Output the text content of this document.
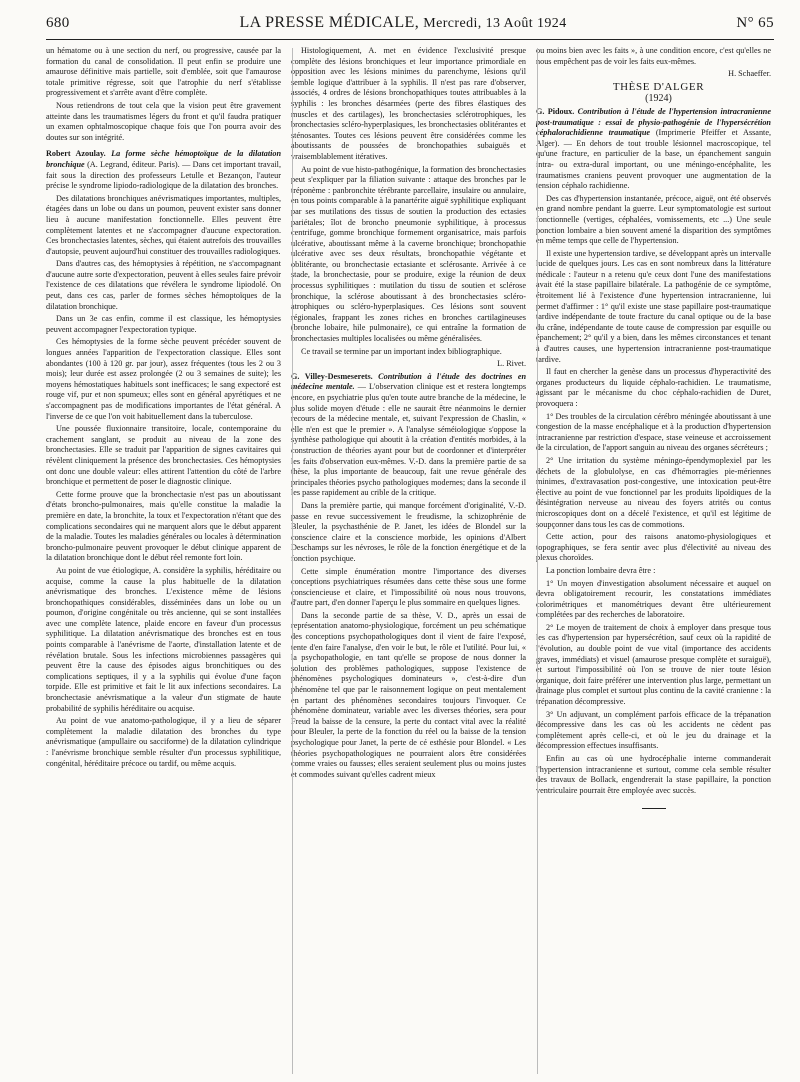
680	LA PRESSE MÉDICALE, Mercredi, 13 Août 1924	N° 65

un hématome ou à une section du nerf, ou progressive, causée par la formation du canal de consolidation. Il peut enfin se produire une amaurose définitive mais partielle, soit d'emblée, soit que l'amaurose totale primitive régresse, soit que l'atrophie du nerf s'établisse progressivement et s'arrête avant d'être complète.

Nous retiendrons de tout cela que la vision peut être gravement atteinte dans les traumatismes légers du front et qu'il faudra pratiquer un examen ophtalmoscopique chaque fois que l'on pourra avoir des doutes sur son intégrité.

Robert Azoulay. La forme sèche hémoptoïque de la dilatation bronchique (A. Legrand, éditeur. Paris). — Dans cet important travail, fait sous la direction des professeurs Letulle et Bezançon, l'auteur précise le syndrome lipiodo-radiologique de la dilatation des bronches.

Des dilatations bronchiques anévrismatiques importantes, multiples, étagées dans un lobe ou dans un poumon, peuvent exister sans donner lieu à aucune manifestation fonctionnelle. Elles peuvent être complètement latentes et ne s'accompagner d'aucune expectoration. Ces bronchectasies latentes, sèches, qui étaient autrefois des trouvailles d'autopsie, peuvent aujourd'hui constituer des trouvailles radiologiques.

Dans d'autres cas, des hémoptysies à répétition, ne s'accompagnant d'aucune autre sorte d'expectoration, peuvent à elles seules faire prévoir l'existence de ces dilatations que révélera le syndrome lipiodolé. On peut, dans ces cas, parler de formes sèches hémoptoïques de la dilatation bronchique.

Dans un 3e cas enfin, comme il est classique, les hémoptysies peuvent accompagner l'expectoration typique.

Ces hémoptysies de la forme sèche peuvent précéder souvent de longues années l'apparition de l'expectoration classique. Elles sont abondantes (100 à 120 gr. par jour), assez fréquentes (tous les 2 ou 3 mois); leur durée est assez prolongée (2 ou 3 semaines de suite); les moyens hémostatiques habituels sont inefficaces; le sang expectoré est rouge vif, pur et non spumeux; elles sont en général apyrétiques et ne s'accompagnent pas de modifications importantes de l'état général. A l'inverse de ce que l'on voit habituellement dans la tuberculose.

Une poussée fluxionnaire transitoire, locale, contemporaine du crachement sanglant, se produit au niveau de la zone des bronchectasies. Elle se traduit par l'apparition de signes cavitaires qui révèlent cliniquement la présence des bronchectasies. Ces hémoptysies ont donc une double valeur: elles attirent l'attention du côté de l'arbre bronchique et permettent de poser le diagnostic clinique.

Cette forme prouve que la bronchectasie n'est pas un aboutissant d'états broncho-pulmonaires, mais qu'elle constitue la maladie la première en date, la bronchite, la toux et l'expectoration n'étant que des complications secondaires qui ne marquent alors que le début apparent de la maladie. Toutes les maladies générales ou locales à détermination broncho-pulmonaire peuvent provoquer le début clinique apparent de la dilatation bronchique dont le début réel remonte fort loin.

Au point de vue étiologique, A. considère la syphilis, héréditaire ou acquise, comme la cause la plus habituelle de la dilatation anévrismatique des bronches. L'existence même de lésions bronchopathiques considérables, disséminées dans un lobe ou un poumon, d'origine congénitale ou très ancienne, qui se sont installées avec une complète latence, plaide encore en faveur d'un processus syphilitique. La dilatation anévrismatique des bronches est en tous points comparable à l'anévrisme de l'aorte, d'installation latente et de révélation brutale. Sous les infections microbiennes passagères qui peuvent être la cause des épisodes aigus bronchitiques ou des complications septiques, il y a la syphilis qui évolue d'une façon torpide. Elle est primitive et fait le lit aux infections secondaires. La bronchectasie anévrismatique a la valeur d'un stigmate de haute probabilité de syphilis héréditaire ou acquise.

Au point de vue anatomo-pathologique, il y a lieu de séparer complètement la maladie dilatation des bronches du type anévrismatique (ampullaire ou sacciforme) de la dilatation cylindrique : l'anévrisme bronchique semble résulter d'un processus syphilitique, congénital, héréditaire précoce ou tardif, ou même acquis.

Histologiquement, A. met en évidence l'exclusivité presque complète des lésions bronchiques et leur importance primordiale en opposition avec les lésions minimes du parenchyme, lésions qu'il semble logique d'attribuer à la syphilis. Il n'est pas rare d'observer, associés, 4 ordres de lésions bronchopathiques toutes attribuables à la syphilis : les bronches désarmées (perte des fibres élastiques des muscles et des cartilages), les bronchectasies sclérotrophiques, les bronchectasies scléro-hyperplasiques, les bronchectasies oblitérantes et sténosantes. Toutes ces lésions peuvent être considérées comme les aboutissants de poussées de bronchopathies subaiguës et vraisemblablement itératives.

Au point de vue histo-pathogénique, la formation des bronchectasies peut s'expliquer par la filiation suivante : attaque des bronches par le tréponème : panbronchite térébrante parcellaire, insulaire ou annulaire, en tous points comparable à la panartérite aiguë syphilitique expliquant par ses mutilations des tissus de soutien la production des ectasies pariétales; îlot de broncho pneumonie syphilitique, à processus centrifuge, gomme bronchique formement organisatrice, mais parfois ulcérative, aboutissant même à la caverne bronchique; bronchopathie ulcérative avec ses deux résultats, bronchopathie végétante et oblitérante, ou bronchectasie ectasiante et sclérosante. Arrivée à ce stade, la bronchectasie, pour se produire, exige la réunion de deux processus syphilitiques : mutilation du tissu de soutien et sclérose bronchique, la sclérose aboutissant à des bronchectasies scléro-atrophiques ou scléro-hyperplasiques. Ces lésions sont souvent régionales, frappant les zones riches en bronches cartilagineuses (bronche lobaire, hile pulmonaire), ce qui entraîne la formation de bronchectasies multiples localisées ou même généralisées.

Ce travail se termine par un important index bibliographique.

L. Rivet.

G. Villey-Desmeserets. Contribution à l'étude des doctrines en médecine mentale. — L'observation clinique est et restera longtemps encore, en psychiatrie plus qu'en toute autre branche de la médecine, le plus solide moyen d'étude : elle ne saurait être néanmoins le dernier recours de la médecine mentale, et, suivant l'expression de Chaslin, « elle n'en est que le premier ». A l'analyse séméiologique s'oppose la synthèse pathologique qui aboutit à la création d'entités morbides, à la construction de théories ayant pour but de coordonner et d'interpréter les faits d'observation eux-mêmes. V.-D. dans la première partie de sa thèse, la plus importante de beaucoup, fait une revue générale des principales théories psycho pathologiques modernes; dans la seconde il les passe rapidement au crible de la critique.

Dans la première partie, qui manque forcément d'originalité, V.-D. passe en revue successivement le freudisme, la schizophrénie de Bleuler, la psychasthénie de P. Janet, les idées de Blondel sur la conscience claire et la conscience morbide, les opinions d'Albert Deschamps sur les névroses, le rôle de la fonction énergétique et de la fonction psychique.

Cette simple énumération montre l'importance des diverses conceptions psychiatriques résumées dans cette thèse sous une forme consciencieuse et claire, et l'impossibilité où nous nous trouvons, d'autre part, d'en donner l'aperçu le plus sommaire en quelques lignes.

Dans la seconde partie de sa thèse, V. D., après un essai de représentation anatomo-physiologique, forcément un peu schématique des conceptions psychopathologiques dont il vient de faire l'exposé, tente d'en faire l'analyse, d'en voir le but, le rôle et l'utilité. Pour lui, « la psychopathologie, en tant qu'elle se propose de nous donner la solution des problèmes pathologiques, suppose l'existence de phénomènes psychologiques dominateurs », c'est-à-dire d'un phénomène tel que par le raisonnement logique on peut mentalement en partant des phénomènes secondaires toujours l'invoquer. Ce phénomène dominateur, variable avec les diverses théories, sera pour Freud la baisse de la censure, la perte du contact vital avec la réalité pour Bleuler, la perte de la fonction du réel ou la baisse de la tension psychologique pour Janet, la perte de cé esthésie pour Blondel. « Les théories psychopathologiques ne pourraient alors être considérées comme vraies ou fausses; elles seraient seulement plus ou moins justes et commodes suivant qu'elles cadrent mieux

ou moins bien avec les faits », à une condition encore, c'est qu'elles ne nous empêchent pas de voir les faits eux-mêmes.

H. Schaeffer.

THÈSE D'ALGER

(1924)

G. Pidoux. Contribution à l'étude de l'hypertension intracranienne post-traumatique : essai de physio-pathogénie de l'hypersécrétion céphalorachidienne traumatique (Imprimerie Pfeiffer et Assante, Alger). — En dehors de tout trouble lésionnel macroscopique, tel qu'une fracture, en particulier de la base, un épanchement sanguin intra- ou extra-dural important, ou une méningo-encéphalite, les traumatismes craniens peuvent provoquer une augmentation de la tension céphalo rachidienne.

Des cas d'hypertension instantanée, précoce, aiguë, ont été observés en grand nombre pendant la guerre. Leur symptomatologie est surtout fonctionnelle (vertiges, céphalées, vomissements, etc ...) Une seule ponction lombaire a bien souvent amené la disparition des symptômes en même temps que celle de l'hypertension.

Il existe une hypertension tardive, se développant après un intervalle lucide de quelques jours. Les cas en sont nombreux dans la littérature médicale : l'auteur n a retenu qu'e ceux dont l'une des manifestations avait été la stase papillaire bilatérale. La pathogénie de ce symptôme, étroitement lié à l'existence d'une hypertension intracranienne, lui permet d'affirmer : 1° qu'il existe une stase papillaire post-traumatique tardive indépendante de toute fracture du canal optique ou de la base du crâne, indépendante de toute cause de compression par esquille ou épanchement; 2° qu'il y a bien, dans les mêmes circonstances et tenant à d'autres causes, une hypertension intracranienne post-traumatique tardive.

Il faut en chercher la genèse dans un processus d'hyperactivité des organes producteurs du liquide céphalo-rachidien. Le traumatisme, agissant par le mécanisme du choc céphalo-rachidien de Duret, provoquera :

1° Des troubles de la circulation cérébro méningée aboutissant à une congestion de la masse encéphalique et à la production d'hypertension intracranienne par restriction d'espace, stase veineuse et accroissement de la circulation, de l'apport sanguin au niveau des organes sécréteurs ;

2° Une irritation du système méningo-épendymoplexiel par les déchets de la globulolyse, en cas d'hémorragies pie-mériennes minimes, d'extravasation post-congestive, une intoxication peut-être élective au point de vue fonctionnel par les produits lipoïdiques de la désintégration nerveuse au niveau des foyers atrités ou contus microscopiques dont on a décelé l'existence, et qu'il est légitime de soupçonner dans tous les cas de commotions.

Cette action, pour des raisons anatomo-physiologiques et topographiques, se fera sentir avec plus d'électivité au niveau des plexus choroïdes.

La ponction lombaire devra être :

1° Un moyen d'investigation absolument nécessaire et auquel on devra obligatoirement recourir, les constatations immédiates colorimétriques et manométriques devant être ultérieurement complétées par des recherches de laboratoire.

2° Le moyen de traitement de choix à employer dans presque tous les cas d'hypertension par hypersécrétion, sauf ceux où la rapidité de l'évolution, au double point de vue vital (importance des accidents graves, immédiats) et visuel (amaurose presque complète et suraiguë), et surtout l'impossibilité où l'on se trouve de nier toute lésion organique, doit faire préférer une intervention plus large, permettant un drainage plus complet et surtout plus continu de la cavité cranienne : la trépanation décompressive.

3° Un adjuvant, un complément parfois efficace de la trépanation décompressive dans les cas où les accidents ne cèdent pas complètement après celle-ci, et où le jeu du drainage et la décompression effectues insuffisants.

Enfin au cas où une hydrocéphalie interne commanderait l'hypertension intracranienne et surtout, comme cela semble résulter des travaux de Bollack, engendrerait la stase papillaire, la ponction ventriculaire pourrait être employée avec succès.
